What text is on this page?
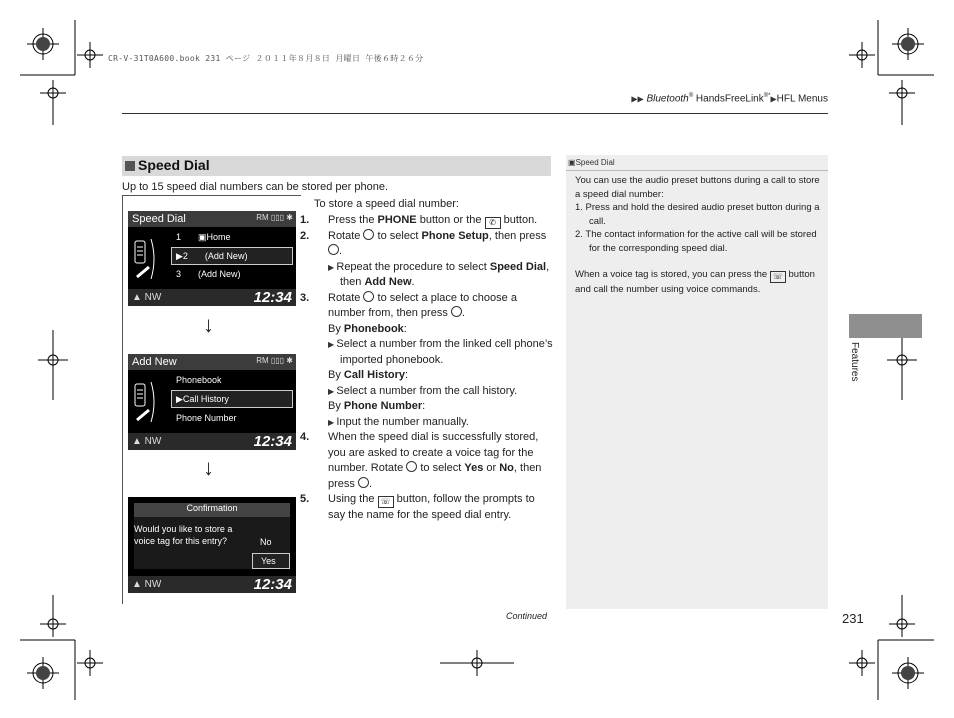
CR-V-31T0A600.book 231 ページ ２０１１年８月８日 月曜日 午後６時２６分
▶▶ Bluetooth® HandsFreeLink®*▶HFL Menus
Features
Speed Dial
Up to 15 speed dial numbers can be stored per phone.
Speed Dial	RM ▯▯▯ ✱
1 ▣Home
▶2 (Add New)
3 (Add New)
▲ NW	12:34
↓
Add New	RM ▯▯▯ ✱
Phonebook
▶Call History
Phone Number
▲ NW	12:34
↓
Confirmation
Would you like to store a voice tag for this entry?	No
Yes
▲ NW	12:34

To store a speed dial number:

1. Press the PHONE button or the ✆ button.

2. Rotate  to select Phone Setup, then press .

▶ Repeat the procedure to select Speed Dial, then Add New.

3. Rotate  to select a place to choose a number from, then press .

By Phonebook:

▶ Select a number from the linked cell phone’s imported phonebook.

By Call History:

▶ Select a number from the call history.

By Phone Number:

▶ Input the number manually.

4. When the speed dial is successfully stored, you are asked to create a voice tag for the number. Rotate  to select Yes or No, then press .

5. Using the ☏ button, follow the prompts to say the name for the speed dial entry.

▣Speed Dial

You can use the audio preset buttons during a call to store a speed dial number:

1. Press and hold the desired audio preset button during a call.

2. The contact information for the active call will be stored for the corresponding speed dial.

When a voice tag is stored, you can press the ☏ button and call the number using voice commands.

Continued	231
